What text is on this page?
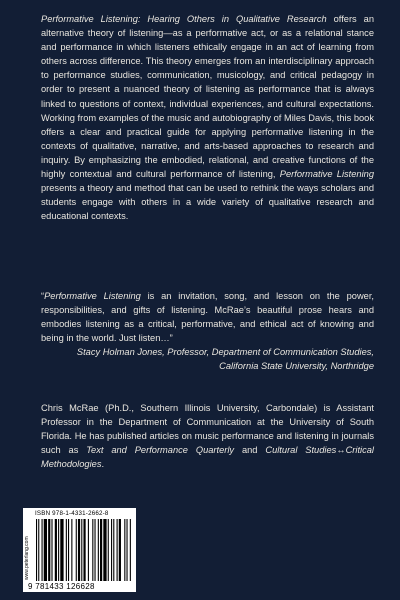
Performative Listening: Hearing Others in Qualitative Research offers an alternative theory of listening—as a performative act, or as a relational stance and performance in which listeners ethically engage in an act of learning from others across difference. This theory emerges from an interdisciplinary approach to performance studies, communication, musicology, and critical pedagogy in order to present a nuanced theory of listening as performance that is always linked to questions of context, individual experiences, and cultural expectations. Working from examples of the music and autobiography of Miles Davis, this book offers a clear and practical guide for applying performative listening in the contexts of qualitative, narrative, and arts-based approaches to research and inquiry. By emphasizing the embodied, relational, and creative functions of the highly contextual and cultural performance of listening, Performative Listening presents a theory and method that can be used to rethink the ways scholars and students engage with others in a wide variety of qualitative research and educational contexts.

“Performative Listening is an invitation, song, and lesson on the power, responsibilities, and gifts of listening. McRae’s beautiful prose hears and embodies listening as a critical, performative, and ethical act of knowing and being in the world. Just listen…”

Stacy Holman Jones, Professor, Department of Communication Studies,
California State University, Northridge

Chris McRae (Ph.D., Southern Illinois University, Carbondale) is Assistant Professor in the Department of Communication at the University of South Florida. He has published articles on music performance and listening in journals such as Text and Performance Quarterly and Cultural Studies↔Critical Methodologies.

ISBN 978-1-4331-2662-8
www.peterlang.com
9 781433 126628
